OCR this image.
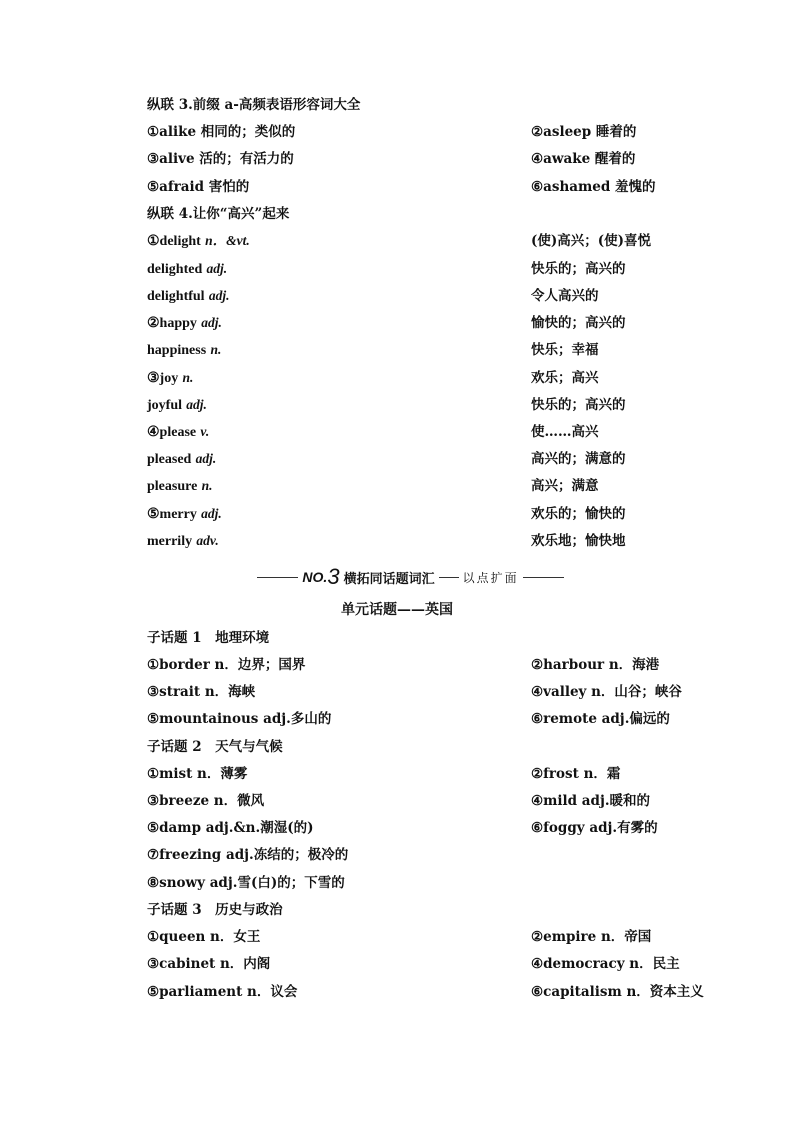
纵联 3.前缀 a-高频表语形容词大全
①alike 相同的；类似的	②asleep 睡着的
③alive 活的；有活力的	④awake 醒着的
⑤afraid 害怕的	⑥ashamed 羞愧的
纵联 4.让你“高兴”起来
①delight n．&vt.	(使)高兴；(使)喜悦
delighted adj.	快乐的；高兴的
delightful adj.	令人高兴的
②happy adj.	愉快的；高兴的
happiness n.	快乐；幸福
③joy n.	欢乐；高兴
joyful adj.	快乐的；高兴的
④please v.	使……高兴
pleased adj.	高兴的；满意的
pleasure n.	高兴；满意
⑤merry adj.	欢乐的；愉快的
merrily adv.	欢乐地；愉快地
NO. 3 横拓同话题词汇 以点扩面
单元话题——英国
子话题 1　地理环境
①border n．边界；国界	②harbour n．海港
③strait n．海峡	④valley n．山谷；峡谷
⑤mountainous adj.多山的	⑥remote adj.偏远的
子话题 2　天气与气候
①mist n．薄雾	②frost n．霜
③breeze n．微风	④mild adj.暖和的
⑤damp adj.&n.潮湿(的)	⑥foggy adj.有雾的
⑦freezing adj.冻结的；极冷的
⑧snowy adj.雪(白)的；下雪的
子话题 3　历史与政治
①queen n．女王	②empire n．帝国
③cabinet n．内阁	④democracy n．民主
⑤parliament n．议会	⑥capitalism n．资本主义
